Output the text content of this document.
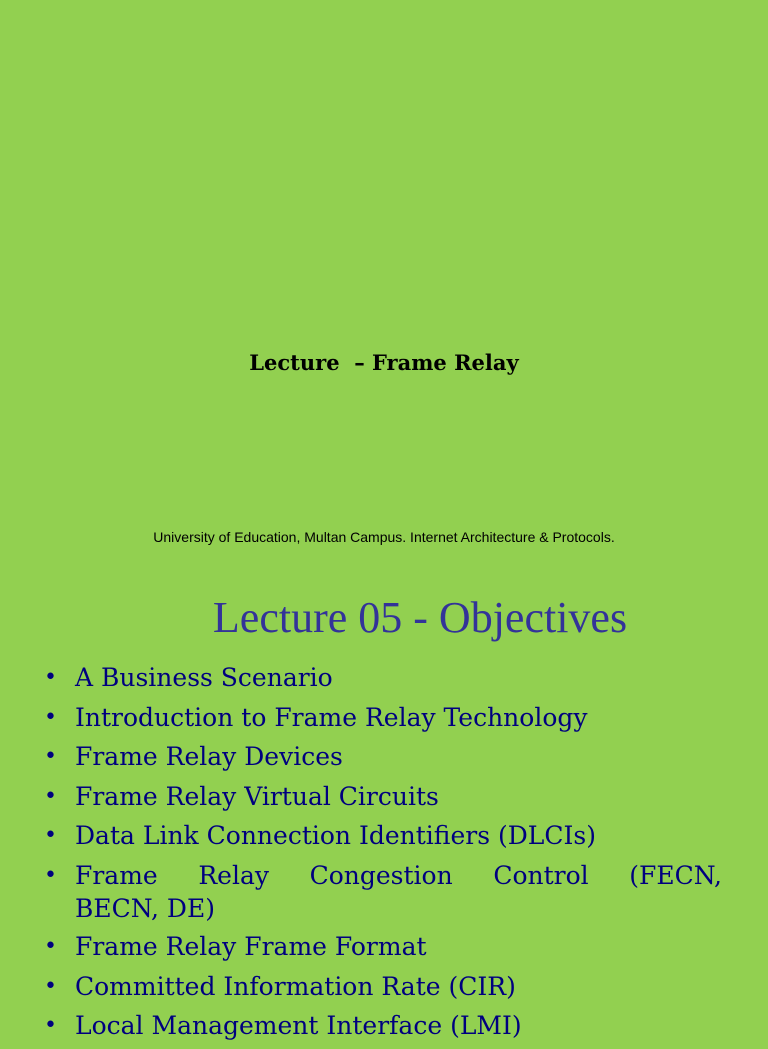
Lecture  – Frame Relay
University of Education, Multan Campus. Internet Architecture & Protocols.
Lecture 05 - Objectives
• A Business Scenario
• Introduction to Frame Relay Technology
• Frame Relay Devices
• Frame Relay Virtual Circuits
• Data Link Connection Identifiers (DLCIs)
• Frame Relay Congestion Control (FECN,
BECN, DE)
• Frame Relay Frame Format
• Committed Information Rate (CIR)
• Local Management Interface (LMI)
